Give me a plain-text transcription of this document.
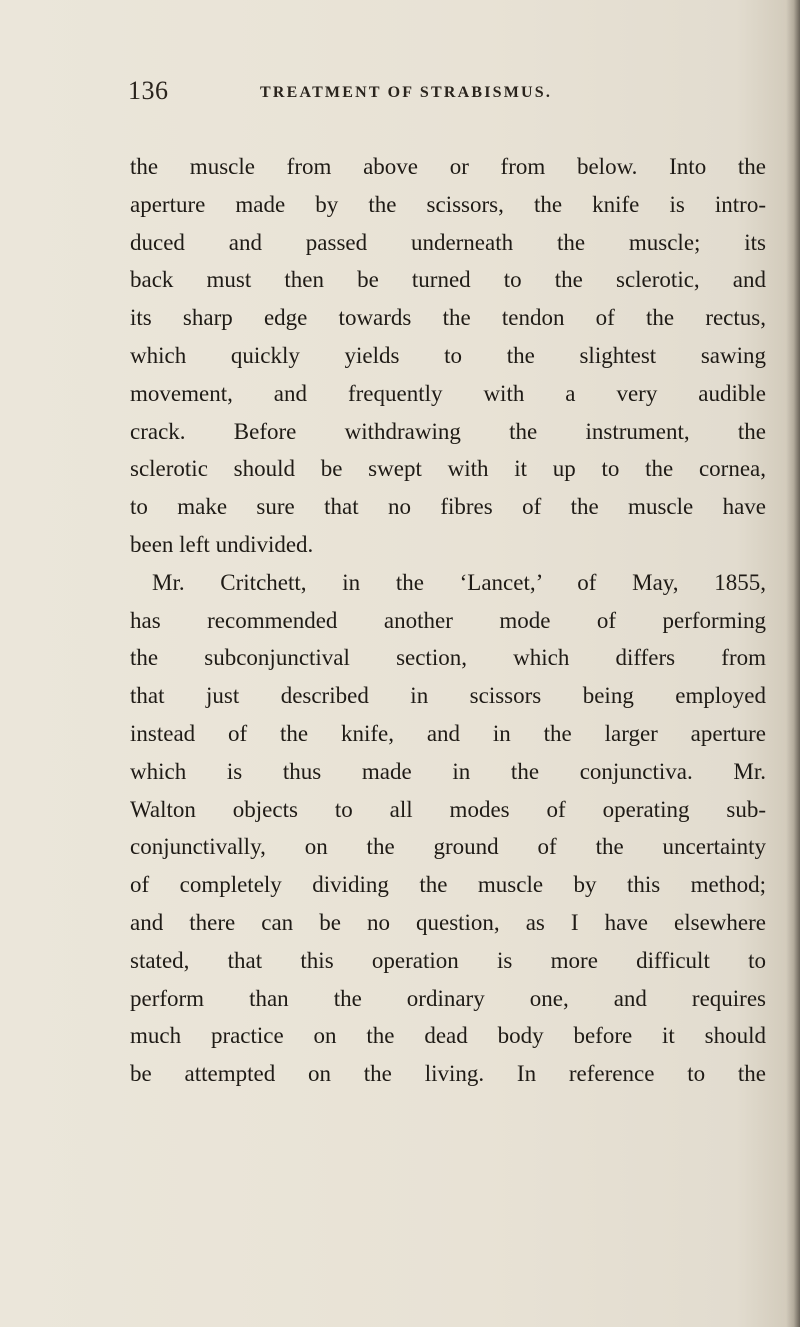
136	TREATMENT OF STRABISMUS.
the muscle from above or from below. Into the
aperture made by the scissors, the knife is intro-
duced and passed underneath the muscle; its
back must then be turned to the sclerotic, and
its sharp edge towards the tendon of the rectus,
which quickly yields to the slightest sawing
movement, and frequently with a very audible
crack. Before withdrawing the instrument, the
sclerotic should be swept with it up to the cornea,
to make sure that no fibres of the muscle have
been left undivided.
Mr. Critchett, in the ‘Lancet,’ of May, 1855,
has recommended another mode of performing
the subconjunctival section, which differs from
that just described in scissors being employed
instead of the knife, and in the larger aperture
which is thus made in the conjunctiva. Mr.
Walton objects to all modes of operating sub-
conjunctivally, on the ground of the uncertainty
of completely dividing the muscle by this method;
and there can be no question, as I have elsewhere
stated, that this operation is more difficult to
perform than the ordinary one, and requires
much practice on the dead body before it should
be attempted on the living. In reference to the
